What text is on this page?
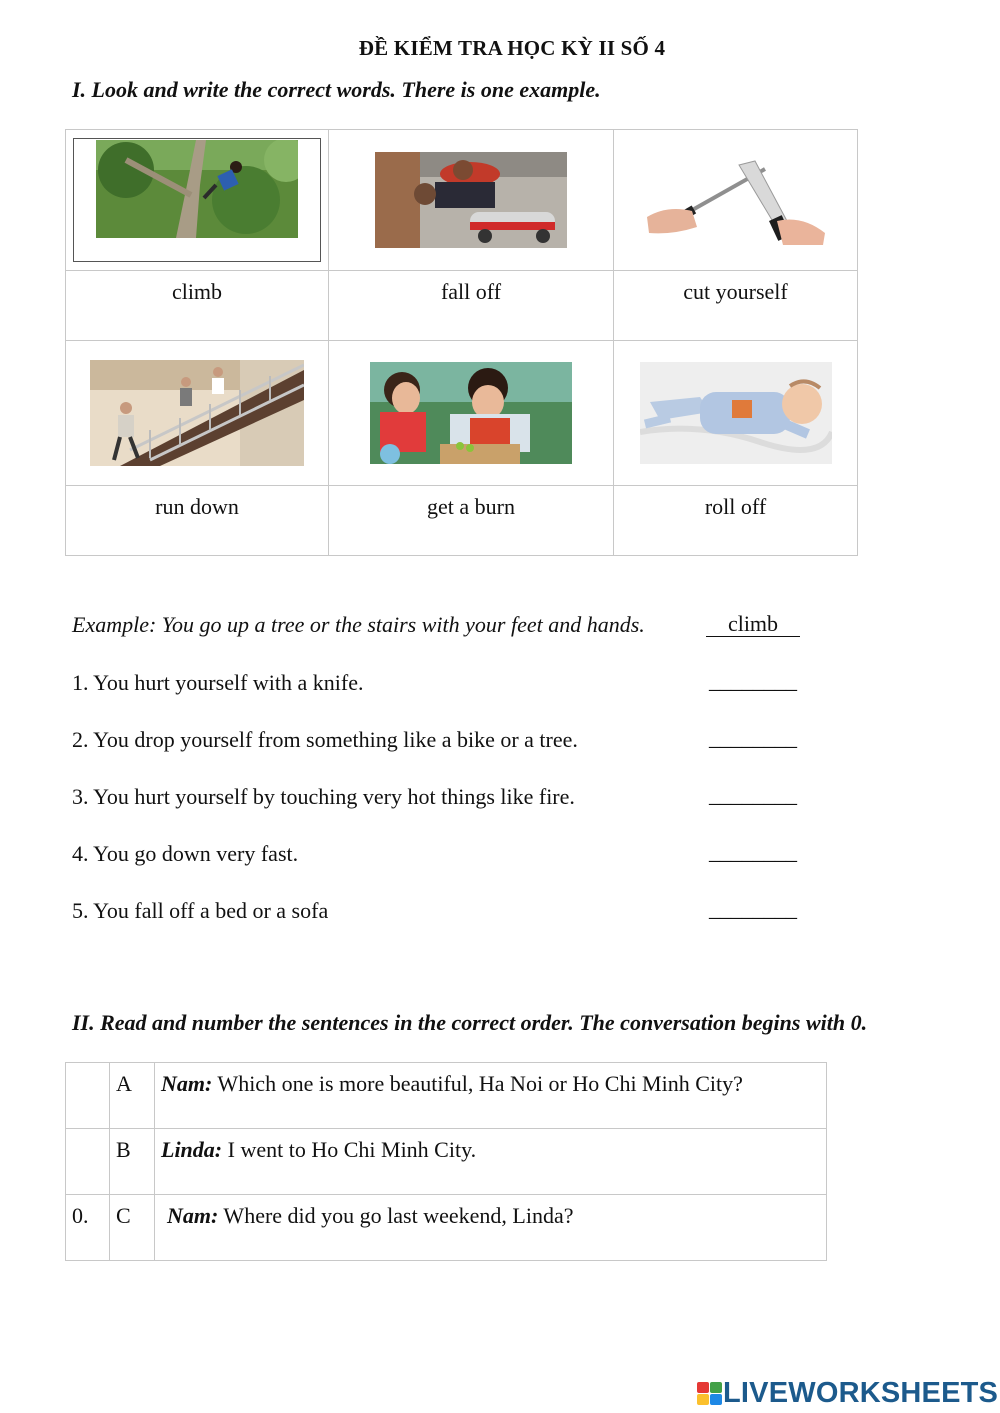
ĐỀ KIỂM TRA HỌC KỲ II SỐ 4
I. Look and write the correct words. There is one example.

climb	fall off	cut yourself

run down	get a burn	roll off
Example: You go up a tree or the stairs with your feet and hands.	climb
1. You hurt yourself with a knife.	________
2. You drop yourself from something like a bike or a tree.	________
3. You hurt yourself by touching very hot things like fire.	________
4. You go down very fast.	________
5. You fall off a bed or a sofa	________
II. Read and number the sentences in the correct order. The conversation begins with 0.
	A	Nam: Which one is more beautiful, Ha Noi or Ho Chi Minh City?
	B	Linda: I went to Ho Chi Minh City.
0.	C	Nam: Where did you go last weekend, Linda?
LIVEWORKSHEETS
